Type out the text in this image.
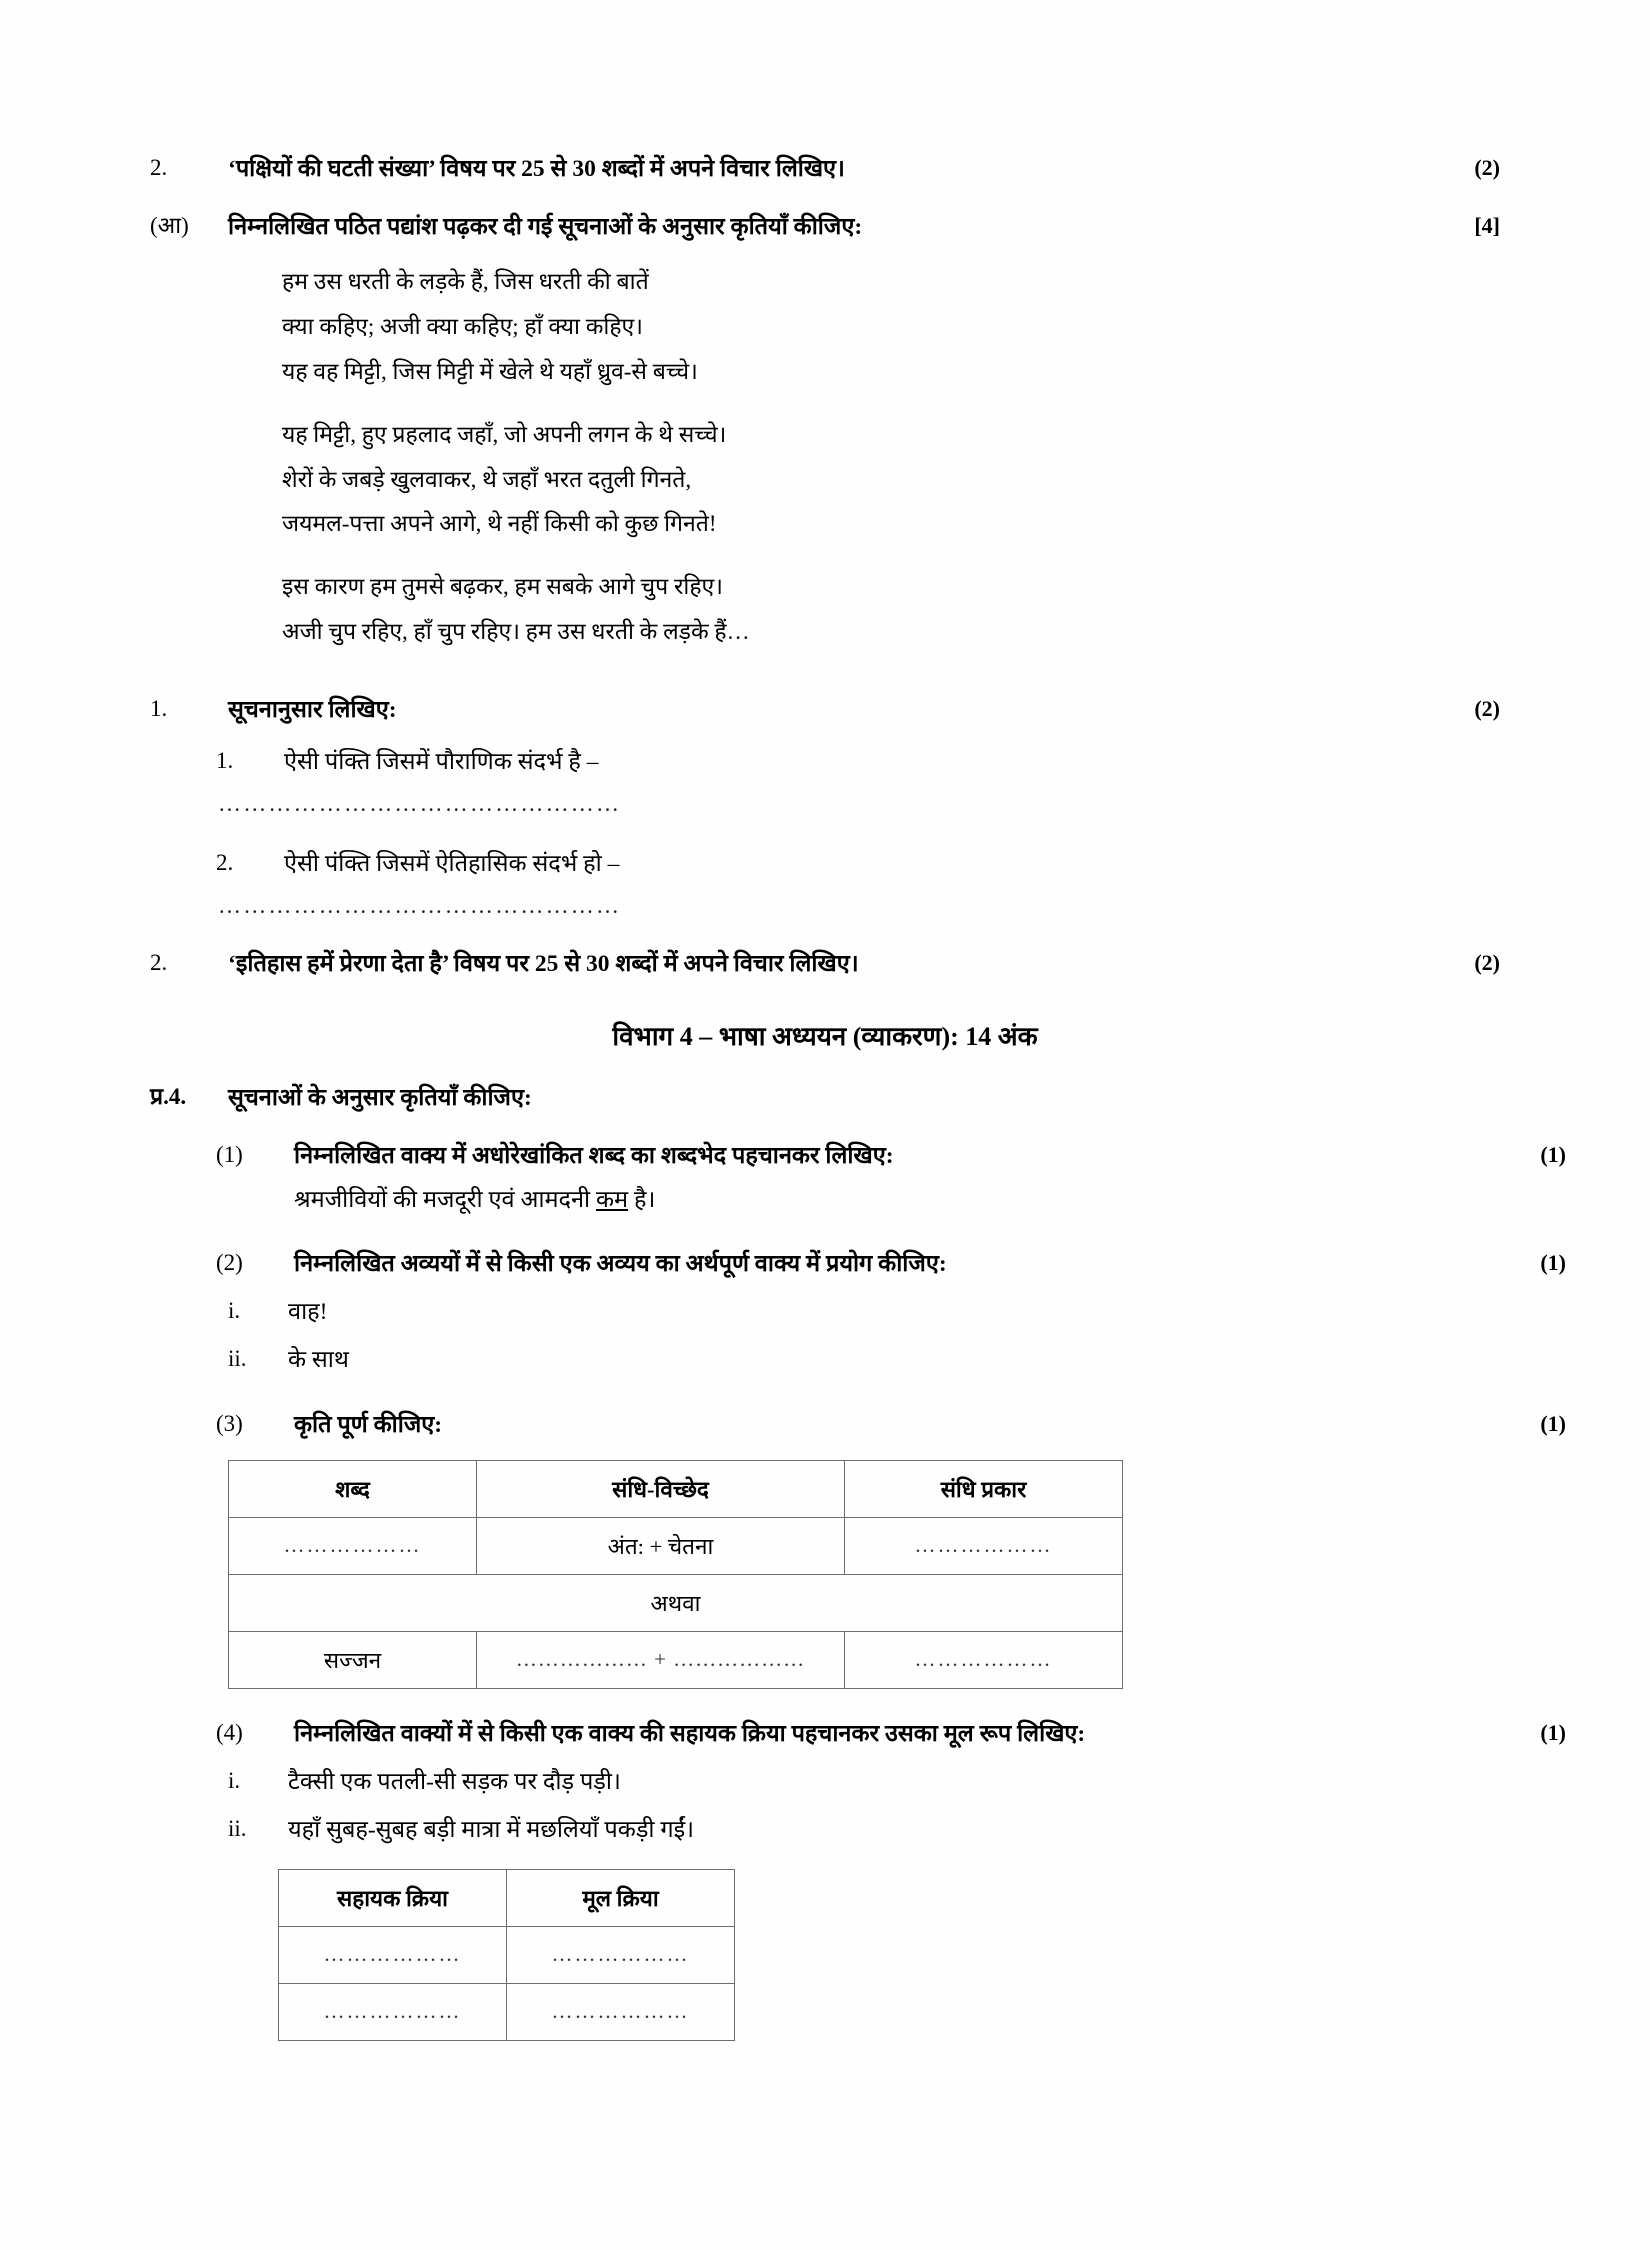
2.	‘पक्षियों की घटती संख्या’ विषय पर 25 से 30 शब्दों में अपने विचार लिखिए।	(2)
(आ)	निम्नलिखित पठित पद्यांश पढ़कर दी गई सूचनाओं के अनुसार कृतियाँ कीजिए:	[4]
हम उस धरती के लड़के हैं, जिस धरती की बातें
क्या कहिए; अजी क्या कहिए; हाँ क्या कहिए।
यह वह मिट्टी, जिस मिट्टी में खेले थे यहाँ ध्रुव-से बच्चे।
यह मिट्टी, हुए प्रहलाद जहाँ, जो अपनी लगन के थे सच्चे।
शेरों के जबड़े खुलवाकर, थे जहाँ भरत दतुली गिनते,
जयमल-पत्ता अपने आगे, थे नहीं किसी को कुछ गिनते!
इस कारण हम तुमसे बढ़कर, हम सबके आगे चुप रहिए।
अजी चुप रहिए, हाँ चुप रहिए। हम उस धरती के लड़के हैं…
1.	सूचनानुसार लिखिए:	(2)
1.	ऐसी पंक्ति जिसमें पौराणिक संदर्भ है –
…………………………………………
2.	ऐसी पंक्ति जिसमें ऐतिहासिक संदर्भ हो –
…………………………………………
2.	‘इतिहास हमें प्रेरणा देता है’ विषय पर 25 से 30 शब्दों में अपने विचार लिखिए।	(2)
विभाग 4 – भाषा अध्ययन (व्याकरण): 14 अंक
प्र.4.	सूचनाओं के अनुसार कृतियाँ कीजिए:
(1)	निम्नलिखित वाक्य में अधोरेखांकित शब्द का शब्दभेद पहचानकर लिखिए:	(1)
श्रमजीवियों की मजदूरी एवं आमदनी कम है।
(2)	निम्नलिखित अव्ययों में से किसी एक अव्यय का अर्थपूर्ण वाक्य में प्रयोग कीजिए:	(1)
i.	वाह!
ii.	के साथ
(3)	कृति पूर्ण कीजिए:	(1)
शब्द	संधि-विच्छेद	संधि प्रकार
………………	अंत: + चेतना	………………
अथवा		
सज्जन	……………… + ………………	………………
(4)	निम्नलिखित वाक्यों में से किसी एक वाक्य की सहायक क्रिया पहचानकर उसका मूल रूप लिखिए:	(1)
i.	टैक्सी एक पतली-सी सड़क पर दौड़ पड़ी।
ii.	यहाँ सुबह-सुबह बड़ी मात्रा में मछलियाँ पकड़ी गईं।
सहायक क्रिया	मूल क्रिया
………………	………………
………………	………………
